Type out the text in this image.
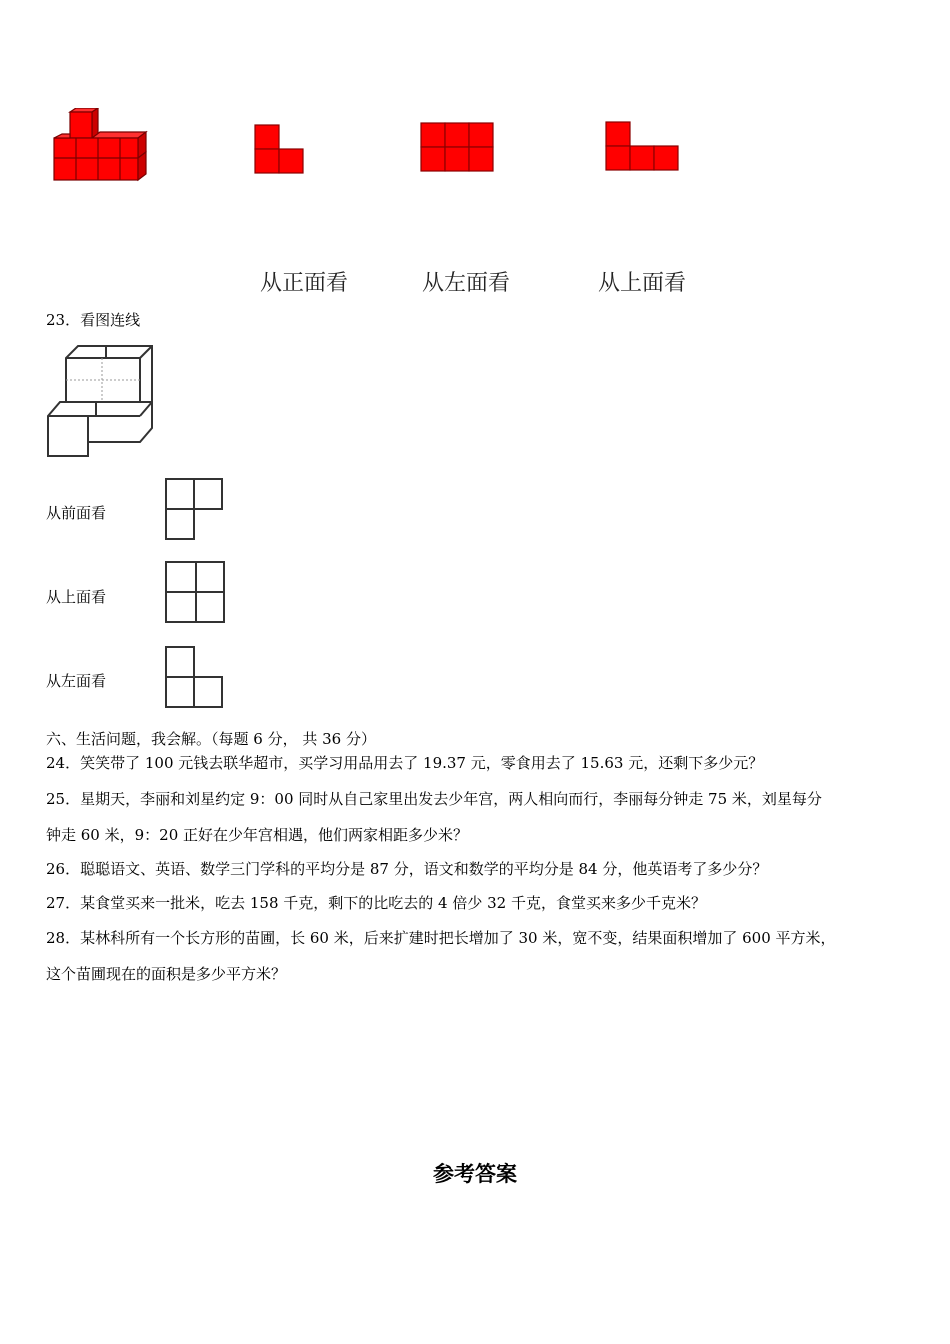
从正面看	从左面看	从上面看
23．看图连线
从前面看
从上面看
从左面看
六、生活问题，我会解。（每题 6 分， 共 36 分）
24．笑笑带了 100 元钱去联华超市，买学习用品用去了 19.37 元，零食用去了 15.63 元，还剩下多少元？
25．星期天，李丽和刘星约定 9：00 同时从自己家里出发去少年宫，两人相向而行，李丽每分钟走 75 米，刘星每分
钟走 60 米，9：20 正好在少年宫相遇，他们两家相距多少米？
26．聪聪语文、英语、数学三门学科的平均分是 87 分，语文和数学的平均分是 84 分，他英语考了多少分？
27．某食堂买来一批米，吃去 158 千克，剩下的比吃去的 4 倍少 32 千克，食堂买来多少千克米？
28．某林科所有一个长方形的苗圃，长 60 米，后来扩建时把长增加了 30 米，宽不变，结果面积增加了 600 平方米，
这个苗圃现在的面积是多少平方米？
参考答案
